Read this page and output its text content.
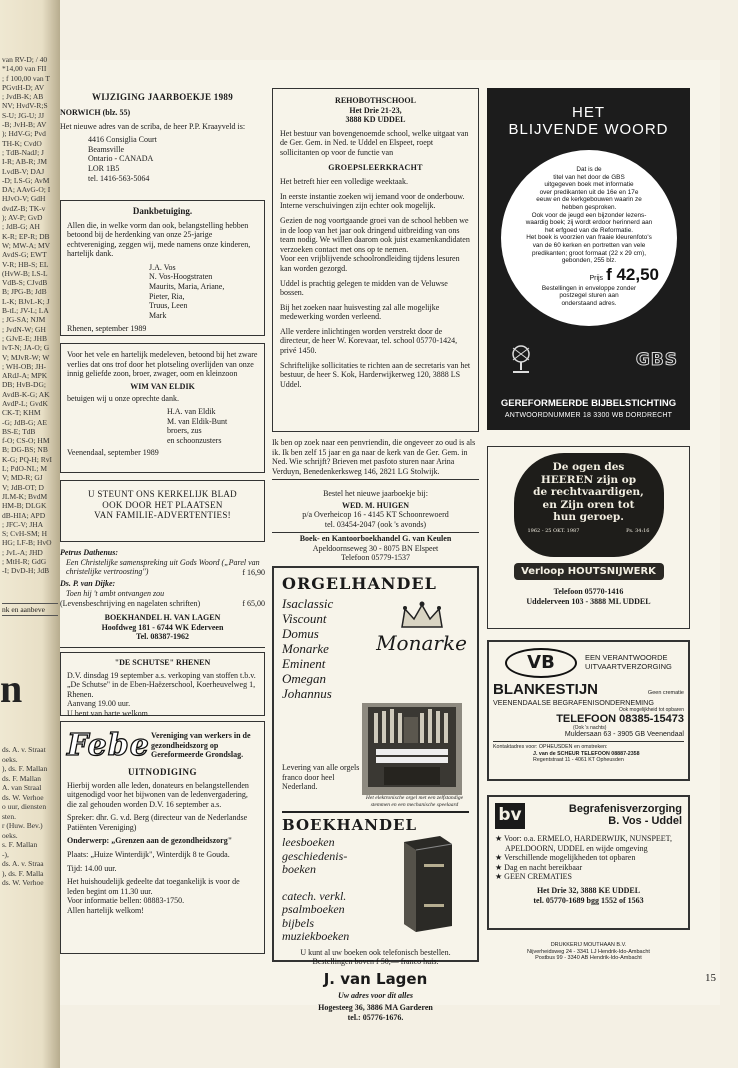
van RV-D; / 40
*14,00 van FII
; f 100,00 van T
PGvtH-D; AV
; JvdB-K; AB
NV; HvdV-R;S
S-U; JG-U; JJ
-B; JvH-B; AV
); HdV-G; Pvd
TH-K; CvdO
; TdB-NadJ; J
I-R; AB-R; JM
LvdB-V; DAJ
-D; LS-G; AvM
DA; AAvG-O; I
HJvO-V; GdH
dvdZ-B; TK-v
); AV-P; GvD
; JdB-G; AH
K-R; EP-R; DB
W; MW-A; MV
AvdS-G; EWT
V-R; HB-S; EL
(HvW-B; LS-L
VdB-S; CJvdB
B; JPG-B; JdB
L-K; BJvL-K; J
B-tL; JV-L; LA
; JG-SA; NJM
; JvdN-W; GH
; GJvE-E; JHB
lvT-N; JA-O; G
V; MJvR-W; W
; WH-OB; JH-
ARdJ-A; MPK
DB; HvB-DG;
AvdB-K-G; AK
AvdP-L; GvdK
CK-T; KHM
-G; JdB-G; AE
BS-E; TdB
f-O; CS-O; HM
B; DG-BS; NB
K-G; PQ-H; RvI
L; PdO-NL; M
V; MD-R; GJ
V; JdB-OT; D
JLM-K; BvdM
HM-B; DLGK
dB-HIA; APD
; JFC-V; JHA
S; CvH-SM; H
HG; LF-B; HvO
; JvL-A; JHD
; MtH-R; GdG
-I; DvD-H; JdB
nk en aanbeve
n
ds. A. v. Straat
oeks.
), ds. F. Mallan
ds. F. Mallan
A. van Straal
ds. W. Verhoe
o uur, diensten
sten.
r (Huw. Bev.)
oeks.
s. F. Mallan
-),
ds. A. v. Straa
), ds. F. Malla
ds. W. Verhoe
WIJZIGING JAARBOEKJE 1989
NORWICH (blz. 55)
Het nieuwe adres van de scriba, de heer P.P. Kraayveld is:
4416 Consiglia Court
Beamsville
Ontario - CANADA
LOR 1B5
tel. 1416-563-5064
Dankbetuiging.
Allen die, in welke vorm dan ook, belangstelling hebben betoond bij de herdenking van onze 25-jarige echtvereniging, zeggen wij, mede namens onze kinderen, hartelijk dank.
J.A. Vos
N. Vos-Hoogstraten
Maurits, Maria, Ariane,
Pieter, Ria,
Truus, Leen
Mark
Rhenen, september 1989
Voor het vele en hartelijk medeleven, betoond bij het zware verlies dat ons trof door het plotseling overlijden van onze innig geliefde zoon, broer, zwager, oom en kleinzoon
WIM VAN ELDIK
betuigen wij u onze oprechte dank.
H.A. van Eldik
M. van Eldik-Bunt
broers, zus
en schoonzusters
Veenendaal, september 1989
U STEUNT ONS KERKELIJK BLAD
OOK DOOR HET PLAATSEN
VAN FAMILIE-ADVERTENTIES!
Petrus Dathenus:
Een Christelijke samenspreking uit Gods Woord („Parel van christelijke vertroosting")	f 16,90
Ds. P. van Dijke:
Toen hij 't ambt ontvangen zou
(Levensbeschrijving en nagelaten schriften)	f 65,00
BOEKHANDEL H. VAN LAGEN
Hoofdweg 181 - 6744 WK Ederveen
Tel. 08387-1962
"DE SCHUTSE" RHENEN
D.V. dinsdag 19 september a.s. verkoping van stoffen t.b.v. „De Schutse" in de Eben-Haëzerschool, Koerheuvelweg 1, Rhenen.
Aanvang 19.00 uur.
U bent van harte welkom.
Febe Vereniging van werkers in de gezondheidszorg op Gereformeerde Grondslag.
UITNODIGING
Hierbij worden alle leden, donateurs en belangstellenden uitgenodigd voor het bijwonen van de ledenvergadering, die zal gehouden worden D.V. 16 september a.s.
Spreker: dhr. G. v.d. Berg (directeur van de Nederlandse Patiënten Vereniging)
Onderwerp: „Grenzen aan de gezondheidszorg"
Plaats: „Huize Winterdijk", Winterdijk 8 te Gouda.
Tijd: 14.00 uur.
Het huishoudelijk gedeelte dat toegankelijk is voor de leden begint om 11.30 uur.
Voor informatie bellen: 08883-1750.
Allen hartelijk welkom!
REHOBOTHSCHOOL
Het Drie 21-23,
3888 KD UDDEL
Het bestuur van bovengenoemde school, welke uitgaat van de Ger. Gem. in Ned. te Uddel en Elspeet, roept sollicitanten op voor de functie van
GROEPSLEERKRACHT
Het betreft hier een volledige weektaak.
In eerste instantie zoeken wij iemand voor de onderbouw. Interne verschuivingen zijn echter ook mogelijk.
Gezien de nog voortgaande groei van de school hebben we in de loop van het jaar ook dringend uitbreiding van ons team nodig. We willen daarom ook juist examenkandidaten verzoeken contact met ons op te nemen.
Voor een vrijblijvende schoolrondleiding tijdens lesuren kan worden gezorgd.
Uddel is prachtig gelegen te midden van de Veluwse bossen.
Bij het zoeken naar huisvesting zal alle mogelijke medewerking worden verleend.
Alle verdere inlichtingen worden verstrekt door de directeur, de heer W. Korevaar, tel. school 05770-1424, privé 1450.
Schriftelijke sollicitaties te richten aan de secretaris van het bestuur, de heer S. Kok, Harderwijkerweg 120, 3888 LS Uddel.
Ik ben op zoek naar een penvriendin, die ongeveer zo oud is als ik. Ik ben zelf 15 jaar en ga naar de kerk van de Ger. Gem. in Ned. Wie schrijft? Brieven met pasfoto sturen naar Arina Verduyn, Benedenkerksweg 146, 2821 LG Stolwijk.
Bestel het nieuwe jaarboekje bij:
WED. M. HUIGEN
p/a Overheicop 16 - 4145 KT Schoonrewoerd
tel. 03454-2047 (ook 's avonds)
Boek- en Kantoorboekhandel G. van Keulen
Apeldoornseweg 30 - 8075 BN Elspeet
Telefoon 05779-1537
ORGELHANDEL
Isaclassic
Viscount
Domus
Monarke
Eminent
Omegan
Johannus
Monarke
Levering van alle orgels franco door heel Nederland.
Het elektronische orgel met een zelfstandige stemmen en een mechanische speelaard
BOEKHANDEL
leesboeken
geschiedenis-
boeken
catech. verkl.
psalmboeken
bijbels
muziekboeken
U kunt al uw boeken ook telefonisch bestellen. Bestellingen boven f 50,— franco huis.
J. van Lagen
Uw adres voor dit alles
Hogesteeg 36, 3886 MA Garderen
tel.: 05776-1676.
HET
BLIJVENDE WOORD
Dat is de
titel van het door de GBS
uitgegeven boek met informatie
over predikanten uit de 16e en 17e
eeuw en de kerkgebouwen waarin ze
hebben gesproken.
Ook voor de jeugd een bijzonder lezens-
waardig boek; zij wordt erdoor herinnerd aan
het erfgoed van de Reformatie.
Het boek is voorzien van fraaie kleurenfoto's
van de 60 kerken en portretten van vele
predikanten; groot formaat (22 x 29 cm),
gebonden, 255 blz.
Prijs f 42,50
Bestellingen in enveloppe zonder
postzegel sturen aan
onderstaand adres.
GBS
GEREFORMEERDE BIJBELSTICHTING
ANTWOORDNUMMER 18 3300 WB DORDRECHT
De ogen des
HEEREN zijn op
de rechtvaardigen,
en Zijn oren tot
hun geroep.
1962 - 25 OKT. 1987	Ps. 34:16
Verloop HOUTSNIJWERK
Telefoon 05770-1416
Uddelerveen 103 - 3888 ML UDDEL
VB	EEN VERANTWOORDE
UITVAARTVERZORGING
BLANKESTIJN	Geen crematie
VEENENDAALSE BEGRAFENISONDERNEMING
Ook mogelijkheid tot opbaren
TELEFOON 08385-15473
(Ook 's nachts)
Muldersaan 63 - 3905 GB Veenendaal
Kontaktadres voor: OPHEUSDEN en omstreken:
J. van de SCHEUR TELEFOON 08887-2358
Regentstraat 11 - 4061 KT Opheusden
bv	Begrafenisverzorging
B. Vos - Uddel
★ Voor: o.a. ERMELO, HARDERWIJK, NUNSPEET, APELDOORN, UDDEL en wijde omgeving
★ Verschillende mogelijkheden tot opbaren
★ Dag en nacht bereikbaar
★ GEEN CREMATIES
Het Drie 32, 3888 KE UDDEL
tel. 05770-1689 bgg 1552 of 1563
DRUKKERIJ MOUTHAAN B.V.
Nijverheidsweg 24 - 3341 LJ Hendrik-Ido-Ambacht
Postbus 99 - 3340 AB Hendrik-Ido-Ambacht
15
